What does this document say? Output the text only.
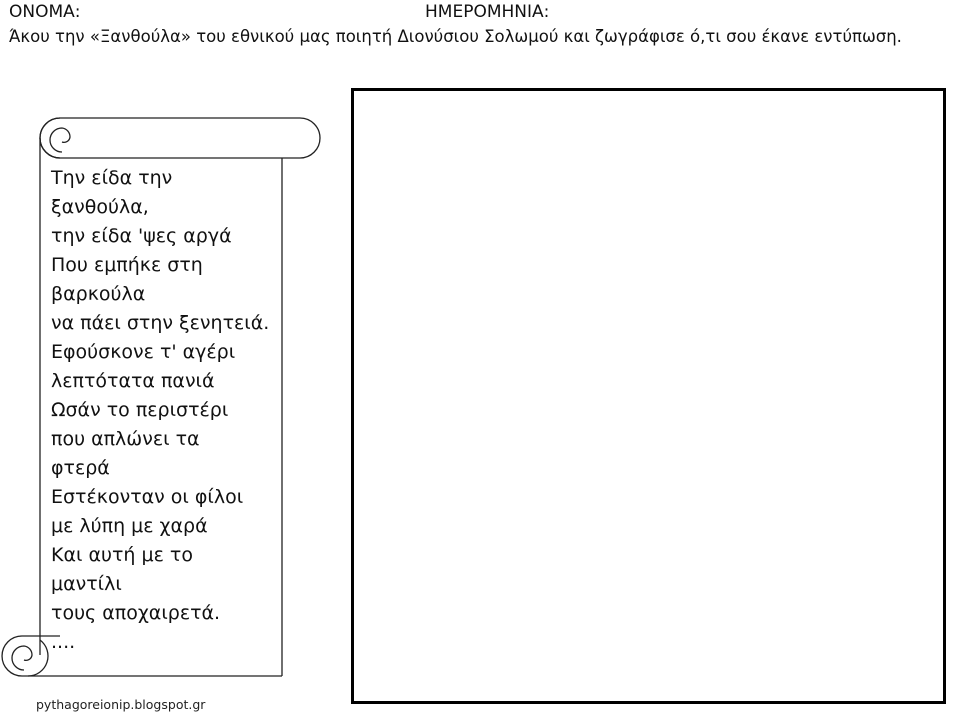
ΟΝΟΜΑ:	ΗΜΕΡΟΜΗΝΙΑ:
Άκου την «Ξανθούλα» του εθνικού μας ποιητή Διονύσιου Σολωμού και ζωγράφισε ό,τι σου έκανε εντύπωση.
Την είδα την
ξανθούλα,
την είδα 'ψες αργά
Που εμπήκε στη
βαρκούλα
να πάει στην ξενητειά.
Εφούσκονε τ' αγέρι
λεπτότατα πανιά
Ωσάν το περιστέρι
που απλώνει τα
φτερά
Εστέκονταν οι φίλοι
με λύπη με χαρά
Και αυτή με το
μαντίλι
τους αποχαιρετά.
....
pythagoreionip.blogspot.gr
